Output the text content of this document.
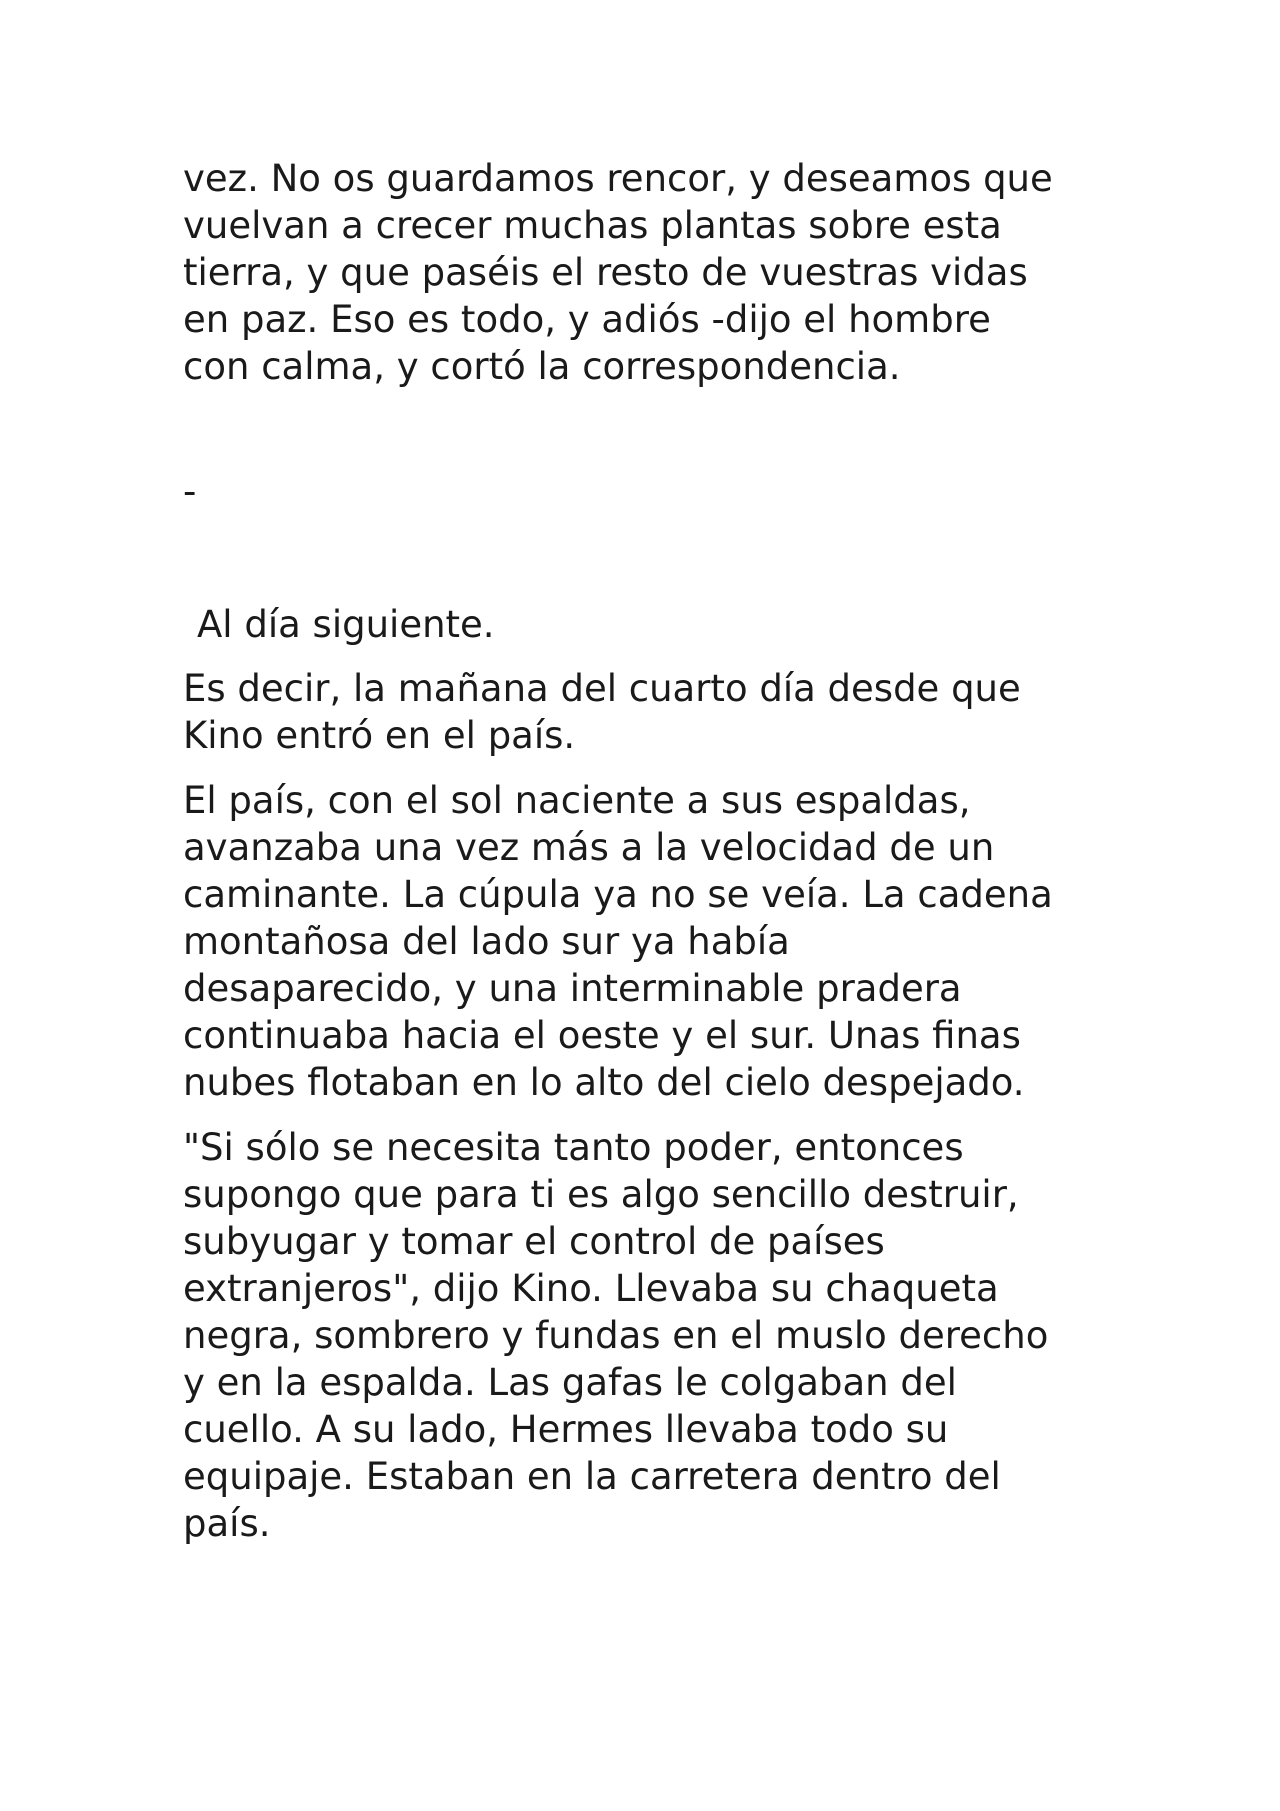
vez. No os guardamos rencor, y deseamos que
vuelvan a crecer muchas plantas sobre esta
tierra, y que paséis el resto de vuestras vidas
en paz. Eso es todo, y adiós -dijo el hombre
con calma, y cortó la correspondencia.

-

Al día siguiente.

Es decir, la mañana del cuarto día desde que
Kino entró en el país.

El país, con el sol naciente a sus espaldas,
avanzaba una vez más a la velocidad de un
caminante. La cúpula ya no se veía. La cadena
montañosa del lado sur ya había
desaparecido, y una interminable pradera
continuaba hacia el oeste y el sur. Unas finas
nubes flotaban en lo alto del cielo despejado.

"Si sólo se necesita tanto poder, entonces
supongo que para ti es algo sencillo destruir,
subyugar y tomar el control de países
extranjeros", dijo Kino. Llevaba su chaqueta
negra, sombrero y fundas en el muslo derecho
y en la espalda. Las gafas le colgaban del
cuello. A su lado, Hermes llevaba todo su
equipaje. Estaban en la carretera dentro del
país.
